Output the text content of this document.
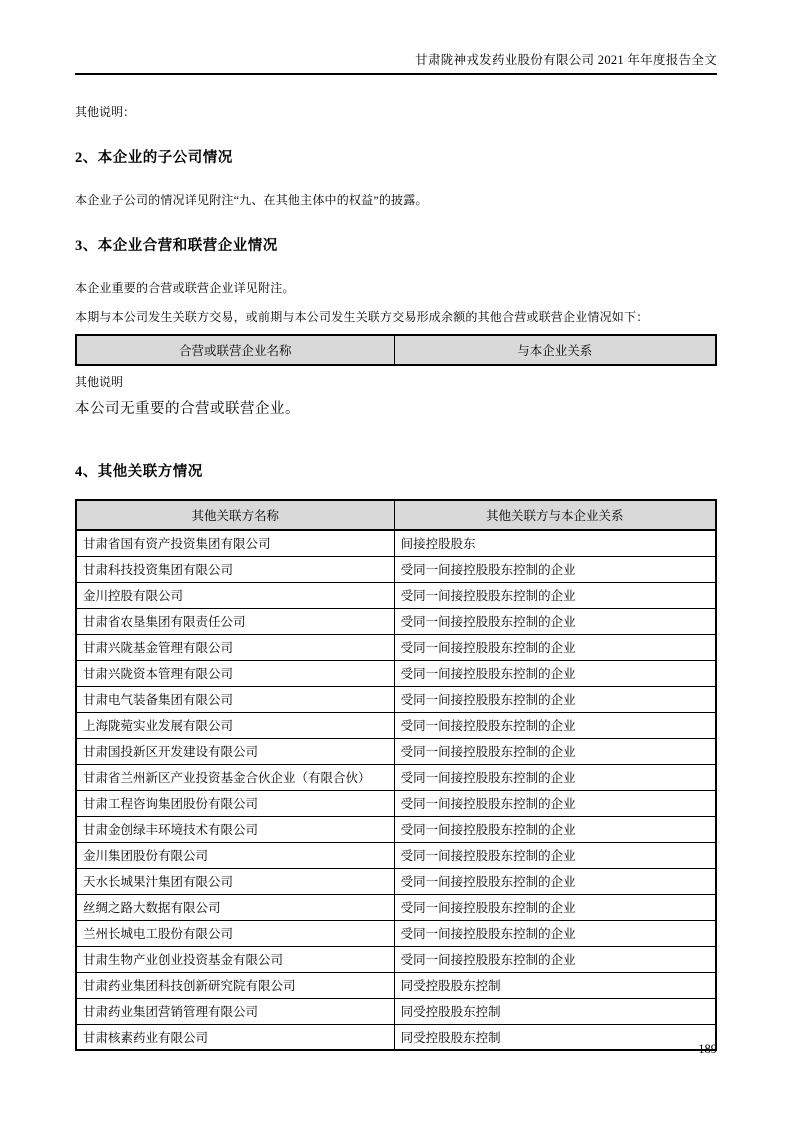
甘肃陇神戎发药业股份有限公司 2021 年年度报告全文

其他说明：

2、本企业的子公司情况

本企业子公司的情况详见附注“九、在其他主体中的权益”的披露。

3、本企业合营和联营企业情况

本企业重要的合营或联营企业详见附注。

本期与本公司发生关联方交易，或前期与本公司发生关联方交易形成余额的其他合营或联营企业情况如下：

合营或联营企业名称	与本企业关系

其他说明

本公司无重要的合营或联营企业。

4、其他关联方情况
其他关联方名称	其他关联方与本企业关系
甘肃省国有资产投资集团有限公司	间接控股股东
甘肃科技投资集团有限公司	受同一间接控股股东控制的企业
金川控股有限公司	受同一间接控股股东控制的企业
甘肃省农垦集团有限责任公司	受同一间接控股股东控制的企业
甘肃兴陇基金管理有限公司	受同一间接控股股东控制的企业
甘肃兴陇资本管理有限公司	受同一间接控股股东控制的企业
甘肃电气装备集团有限公司	受同一间接控股股东控制的企业
上海陇菀实业发展有限公司	受同一间接控股股东控制的企业
甘肃国投新区开发建设有限公司	受同一间接控股股东控制的企业
甘肃省兰州新区产业投资基金合伙企业（有限合伙）	受同一间接控股股东控制的企业
甘肃工程咨询集团股份有限公司	受同一间接控股股东控制的企业
甘肃金创绿丰环境技术有限公司	受同一间接控股股东控制的企业
金川集团股份有限公司	受同一间接控股股东控制的企业
天水长城果汁集团有限公司	受同一间接控股股东控制的企业
丝绸之路大数据有限公司	受同一间接控股股东控制的企业
兰州长城电工股份有限公司	受同一间接控股股东控制的企业
甘肃生物产业创业投资基金有限公司	受同一间接控股股东控制的企业
甘肃药业集团科技创新研究院有限公司	同受控股股东控制
甘肃药业集团营销管理有限公司	同受控股股东控制
甘肃核素药业有限公司	同受控股股东控制
189
